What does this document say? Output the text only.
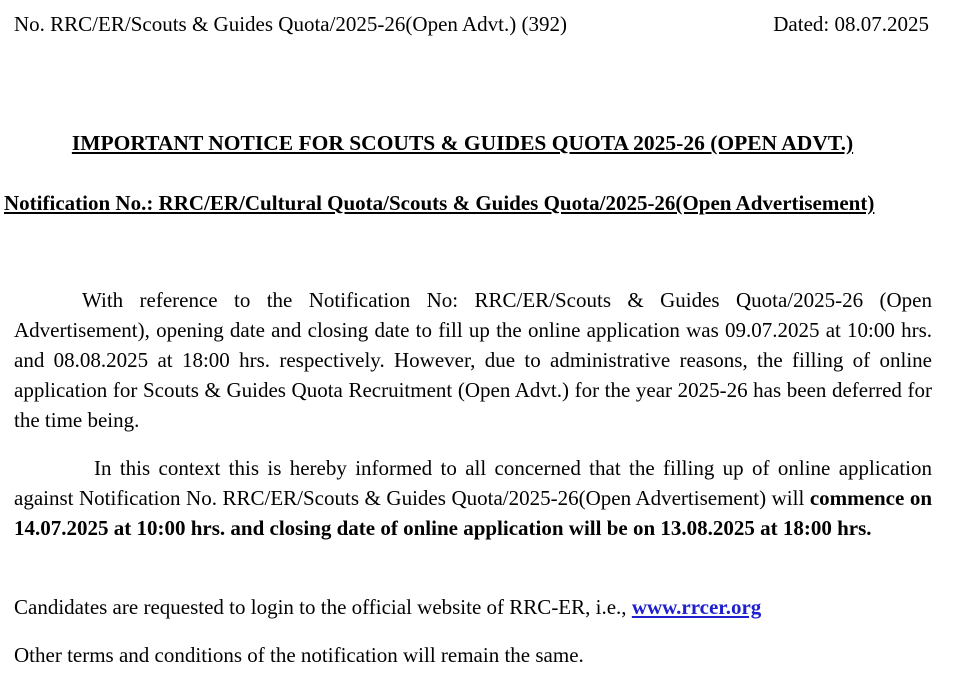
No. RRC/ER/Scouts & Guides Quota/2025-26(Open Advt.) (392)	Dated: 08.07.2025
IMPORTANT NOTICE FOR SCOUTS & GUIDES QUOTA 2025-26 (OPEN ADVT.)
Notification No.: RRC/ER/Cultural Quota/Scouts & Guides Quota/2025-26(Open Advertisement)

With reference to the Notification No: RRC/ER/Scouts & Guides Quota/2025-26 (Open Advertisement), opening date and closing date to fill up the online application was 09.07.2025 at 10:00 hrs. and 08.08.2025 at 18:00 hrs. respectively. However, due to administrative reasons, the filling of online application for Scouts & Guides Quota Recruitment (Open Advt.) for the year 2025-26 has been deferred for the time being.

In this context this is hereby informed to all concerned that the filling up of online application against Notification No. RRC/ER/Scouts & Guides Quota/2025-26(Open Advertisement) will commence on 14.07.2025 at 10:00 hrs. and closing date of online application will be on 13.08.2025 at 18:00 hrs.

Candidates are requested to login to the official website of RRC-ER, i.e., www.rrcer.org

Other terms and conditions of the notification will remain the same.
